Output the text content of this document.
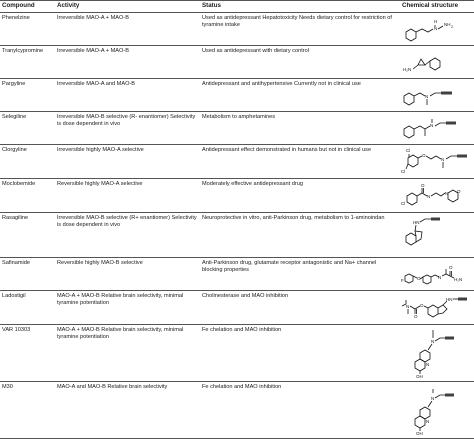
Compound	Activity	Status	Chemical structure
Phenelzine	Irreversible MAO-A + MAO-B	Used as antidepressant Hepatotoxicity Needs dietary control for restriction of tyramine intake	N
H
NH 2

Tranylcypromine	Irreversible MAO-A + MAO-B	Used as antidepressant with dietary control	H₂N

Pargyline	Irreversible MAO-A and MAO-B	Antidepressant and antihypertensive Currently not in clinical use	N

Selegiline	Irreversible MAO-B selective (R- enantiomer) Selectivity is dose dependent in vivo	Metabolism to amphetamines	N

Clorgyline	Irreversible highly MAO-A selective	Antidepressant effect demonstrated in humans but not in clinical use	Cl
Cl
O
N

Moclobemide	Reversible highly MAO-A selective	Moderately effective antidepressant drug	Cl
O
N
N O

Rasagiline	Irreversible MAO-B selective (R+ enantiomer) Selectivity is dose dependent in vivo	Neuroprotective in vitro, anti-Parkinson drug, metabolism to 1-aminoindan	HN

Safinamide	Reversible highly MAO-B selective	Anti-Parkinson drug, glutamate receptor antagonistic and Na+ channel blocking properties	F O N
O
H₂N

Ladostigil	MAO-A + MAO-B Relative brain selectivity, minimal tyramine potentiation	Cholinesterase and MAO inhibition	N
O
O
HN

VAR 10303	MAO-A + MAO-B Relative brain selectivity, minimal tyramine potentiation	Fe chelation and MAO inhibition	N
N
OH

M30	MAO-A and MAO-B Relative brain selectivity	Fe chelation and MAO inhibition	N
N
OH
